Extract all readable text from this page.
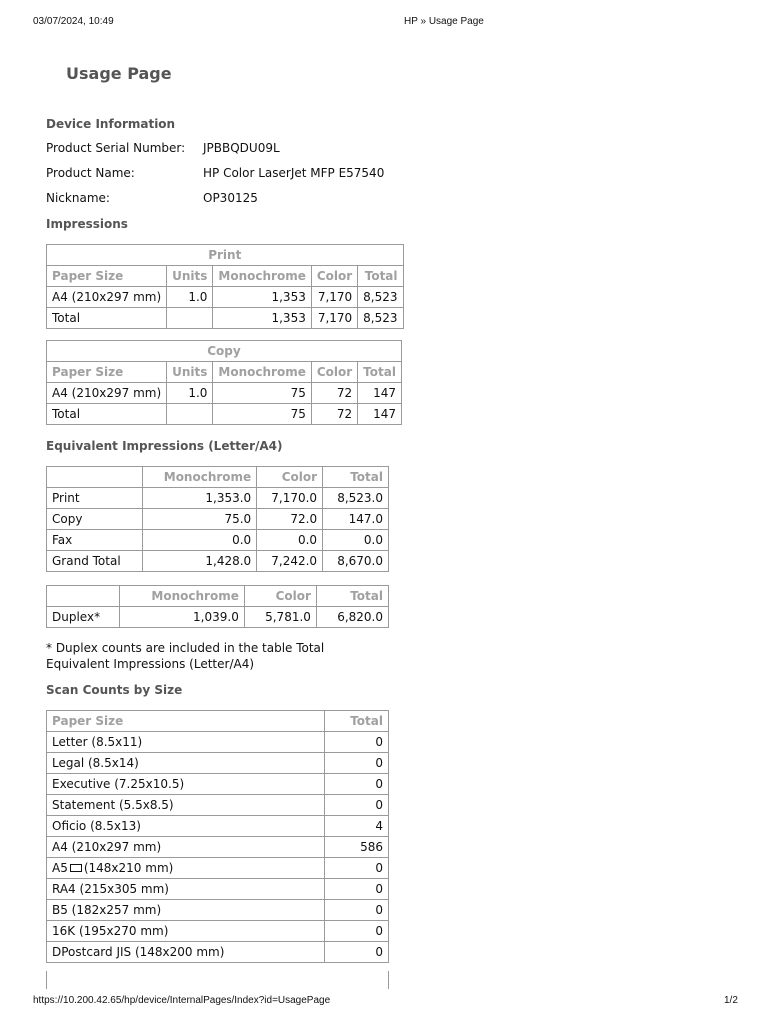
03/07/2024, 10:49	HP » Usage Page
Usage Page
Device Information
Product Serial Number:	JPBBQDU09L
Product Name:	HP Color LaserJet MFP E57540
Nickname:	OP30125
Impressions
Print				
Paper Size	Units	Monochrome	Color	Total
A4 (210x297 mm)	1.0	1,353	7,170	8,523
Total		1,353	7,170	8,523
Copy				
Paper Size	Units	Monochrome	Color	Total
A4 (210x297 mm)	1.0	75	72	147
Total		75	72	147
Equivalent Impressions (Letter/A4)
	Monochrome	Color	Total
Print	1,353.0	7,170.0	8,523.0
Copy	75.0	72.0	147.0
Fax	0.0	0.0	0.0
Grand Total	1,428.0	7,242.0	8,670.0
	Monochrome	Color	Total
Duplex*	1,039.0	5,781.0	6,820.0

* Duplex counts are included in the table Total Equivalent Impressions (Letter/A4)

Scan Counts by Size
Paper Size	Total
Letter (8.5x11)	0
Legal (8.5x14)	0
Executive (7.25x10.5)	0
Statement (5.5x8.5)	0
Oficio (8.5x13)	4
A4 (210x297 mm)	586
A5 (148x210 mm)	0
RA4 (215x305 mm)	0
B5 (182x257 mm)	0
16K (195x270 mm)	0
DPostcard JIS (148x200 mm)	0
https://10.200.42.65/hp/device/InternalPages/Index?id=UsagePage	1/2
